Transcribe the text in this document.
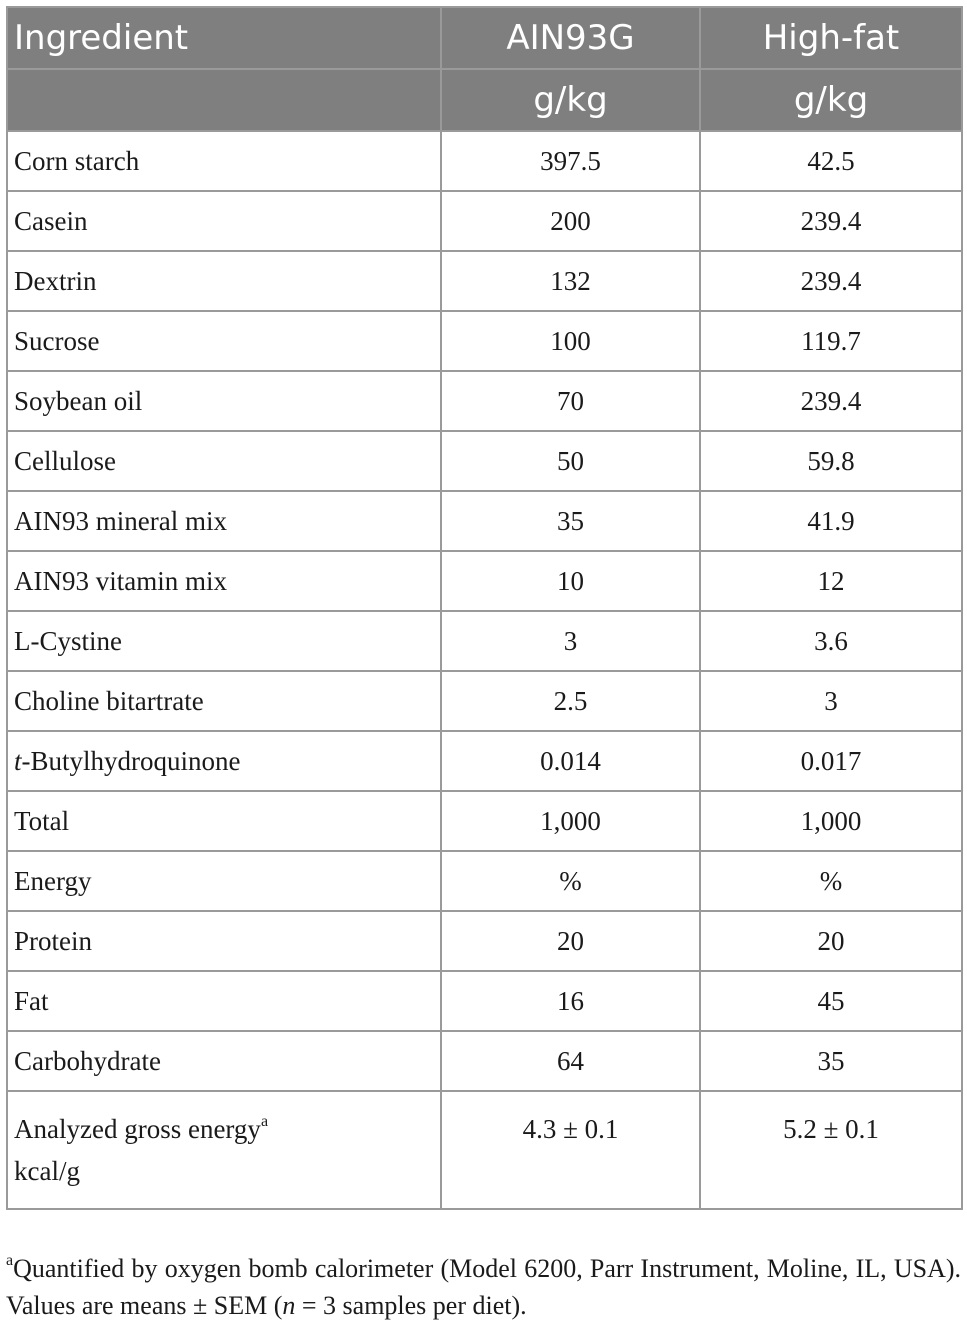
Ingredient	AIN93G	High-fat
	g/kg	g/kg
Corn starch	397.5	42.5
Casein	200	239.4
Dextrin	132	239.4
Sucrose	100	119.7
Soybean oil	70	239.4
Cellulose	50	59.8
AIN93 mineral mix	35	41.9
AIN93 vitamin mix	10	12
L-Cystine	3	3.6
Choline bitartrate	2.5	3
t-Butylhydroquinone	0.014	0.017
Total	1,000	1,000
Energy	%	%
Protein	20	20
Fat	16	45
Carbohydrate	64	35
Analyzed gross energy$^a$
kcal/g	4.3 ± 0.1	5.2 ± 0.1
$^a$Quantified by oxygen bomb calorimeter (Model 6200, Parr Instrument, Moline, IL, USA). Values are means ± SEM (n = 3 samples per diet).
